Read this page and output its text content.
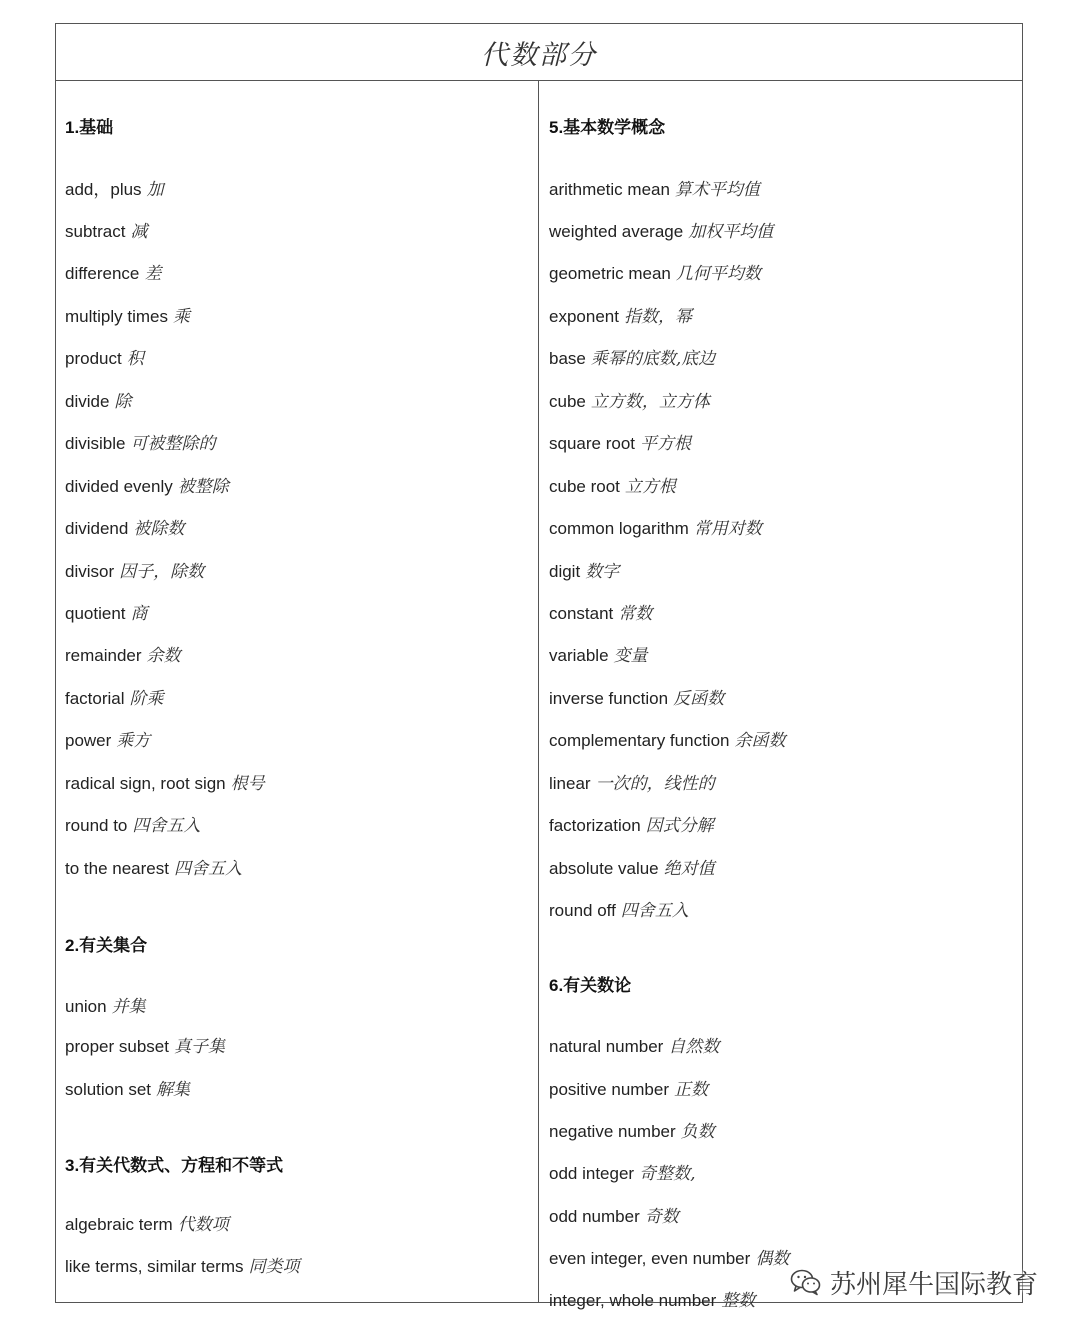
代数部分
1.基础
add，plus 加
subtract 减
difference 差
multiply times 乘
product 积
divide 除
divisible 可被整除的
divided evenly 被整除
dividend 被除数
divisor 因子，除数
quotient 商
remainder 余数
factorial 阶乘
power 乘方
radical sign, root sign 根号
round to 四舍五入
to the nearest 四舍五入
2.有关集合
union 并集
proper subset 真子集
solution set 解集
3.有关代数式、方程和不等式
algebraic term 代数项
like terms, similar terms 同类项
5.基本数学概念
arithmetic mean 算术平均值
weighted average 加权平均值
geometric mean 几何平均数
exponent 指数，幂
base 乘幂的底数,底边
cube 立方数，立方体
square root 平方根
cube root 立方根
common logarithm 常用对数
digit 数字
constant 常数
variable 变量
inverse function 反函数
complementary function 余函数
linear 一次的，线性的
factorization 因式分解
absolute value 绝对值
round off 四舍五入
6.有关数论
natural number 自然数
positive number 正数
negative number 负数
odd integer 奇整数,
odd number 奇数
even integer, even number 偶数
integer, whole number 整数
苏州犀牛国际教育
